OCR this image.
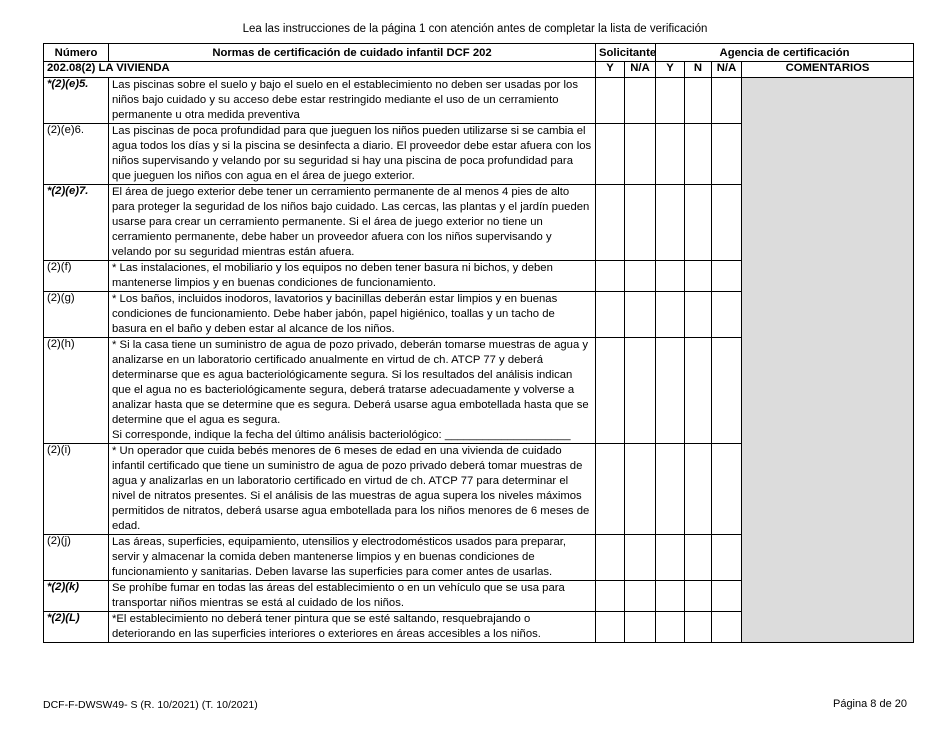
Lea las instrucciones de la página 1 con atención antes de completar la lista de verificación
Número	Normas de certificación de cuidado infantil DCF 202	Solicitante		Agencia de certificación			
202.08(2) LA VIVIENDA		Y	N/A	Y	N	N/A	COMENTARIOS
*(2)(e)5.	Las piscinas sobre el suelo y bajo el suelo en el establecimiento no deben ser usadas por los niños bajo cuidado y su acceso debe estar restringido mediante el uso de un cerramiento permanente u otra medida preventiva						
(2)(e)6.	Las piscinas de poca profundidad para que jueguen los niños pueden utilizarse si se cambia el agua todos los días y si la piscina se desinfecta a diario. El proveedor debe estar afuera con los niños supervisando y velando por su seguridad si hay una piscina de poca profundidad para que jueguen los niños con agua en el área de juego exterior.						
*(2)(e)7.	El área de juego exterior debe tener un cerramiento permanente de al menos 4 pies de alto para proteger la seguridad de los niños bajo cuidado. Las cercas, las plantas y el jardín pueden usarse para crear un cerramiento permanente. Si el área de juego exterior no tiene un cerramiento permanente, debe haber un proveedor afuera con los niños supervisando y velando por su seguridad mientras están afuera.						
(2)(f)	* Las instalaciones, el mobiliario y los equipos no deben tener basura ni bichos, y deben mantenerse limpios y en buenas condiciones de funcionamiento.						
(2)(g)	* Los baños, incluidos inodoros, lavatorios y bacinillas deberán estar limpios y en buenas condiciones de funcionamiento. Debe haber jabón, papel higiénico, toallas y un tacho de basura en el baño y deben estar al alcance de los niños.						
(2)(h)	* Si la casa tiene un suministro de agua de pozo privado, deberán tomarse muestras de agua y analizarse en un laboratorio certificado anualmente en virtud de ch. ATCP 77 y deberá determinarse que es agua bacteriológicamente segura. Si los resultados del análisis indican que el agua no es bacteriológicamente segura, deberá tratarse adecuadamente y volverse a analizar hasta que se determine que es segura. Deberá usarse agua embotellada hasta que se determine que el agua es segura.
Si corresponde, indique la fecha del último análisis bacteriológico: ____________________						

(2)(i)	* Un operador que cuida bebés menores de 6 meses de edad en una vivienda de cuidado infantil certificado que tiene un suministro de agua de pozo privado deberá tomar muestras de agua y analizarlas en un laboratorio certificado en virtud de ch. ATCP 77 para determinar el nivel de nitratos presentes. Si el análisis de las muestras de agua supera los niveles máximos permitidos de nitratos, deberá usarse agua embotellada para los niños menores de 6 meses de edad.						
(2)(j)	Las áreas, superficies, equipamiento, utensilios y electrodomésticos usados para preparar, servir y almacenar la comida deben mantenerse limpios y en buenas condiciones de funcionamiento y sanitarias. Deben lavarse las superficies para comer antes de usarlas.						
*(2)(k)	Se prohíbe fumar en todas las áreas del establecimiento o en un vehículo que se usa para transportar niños mientras se está al cuidado de los niños.						
*(2)(L)	*El establecimiento no deberá tener pintura que se esté saltando, resquebrajando o deteriorando en las superficies interiores o exteriores en áreas accesibles a los niños.						
DCF-F-DWSW49- S (R. 10/2021) (T. 10/2021)	Página 8 de 20
